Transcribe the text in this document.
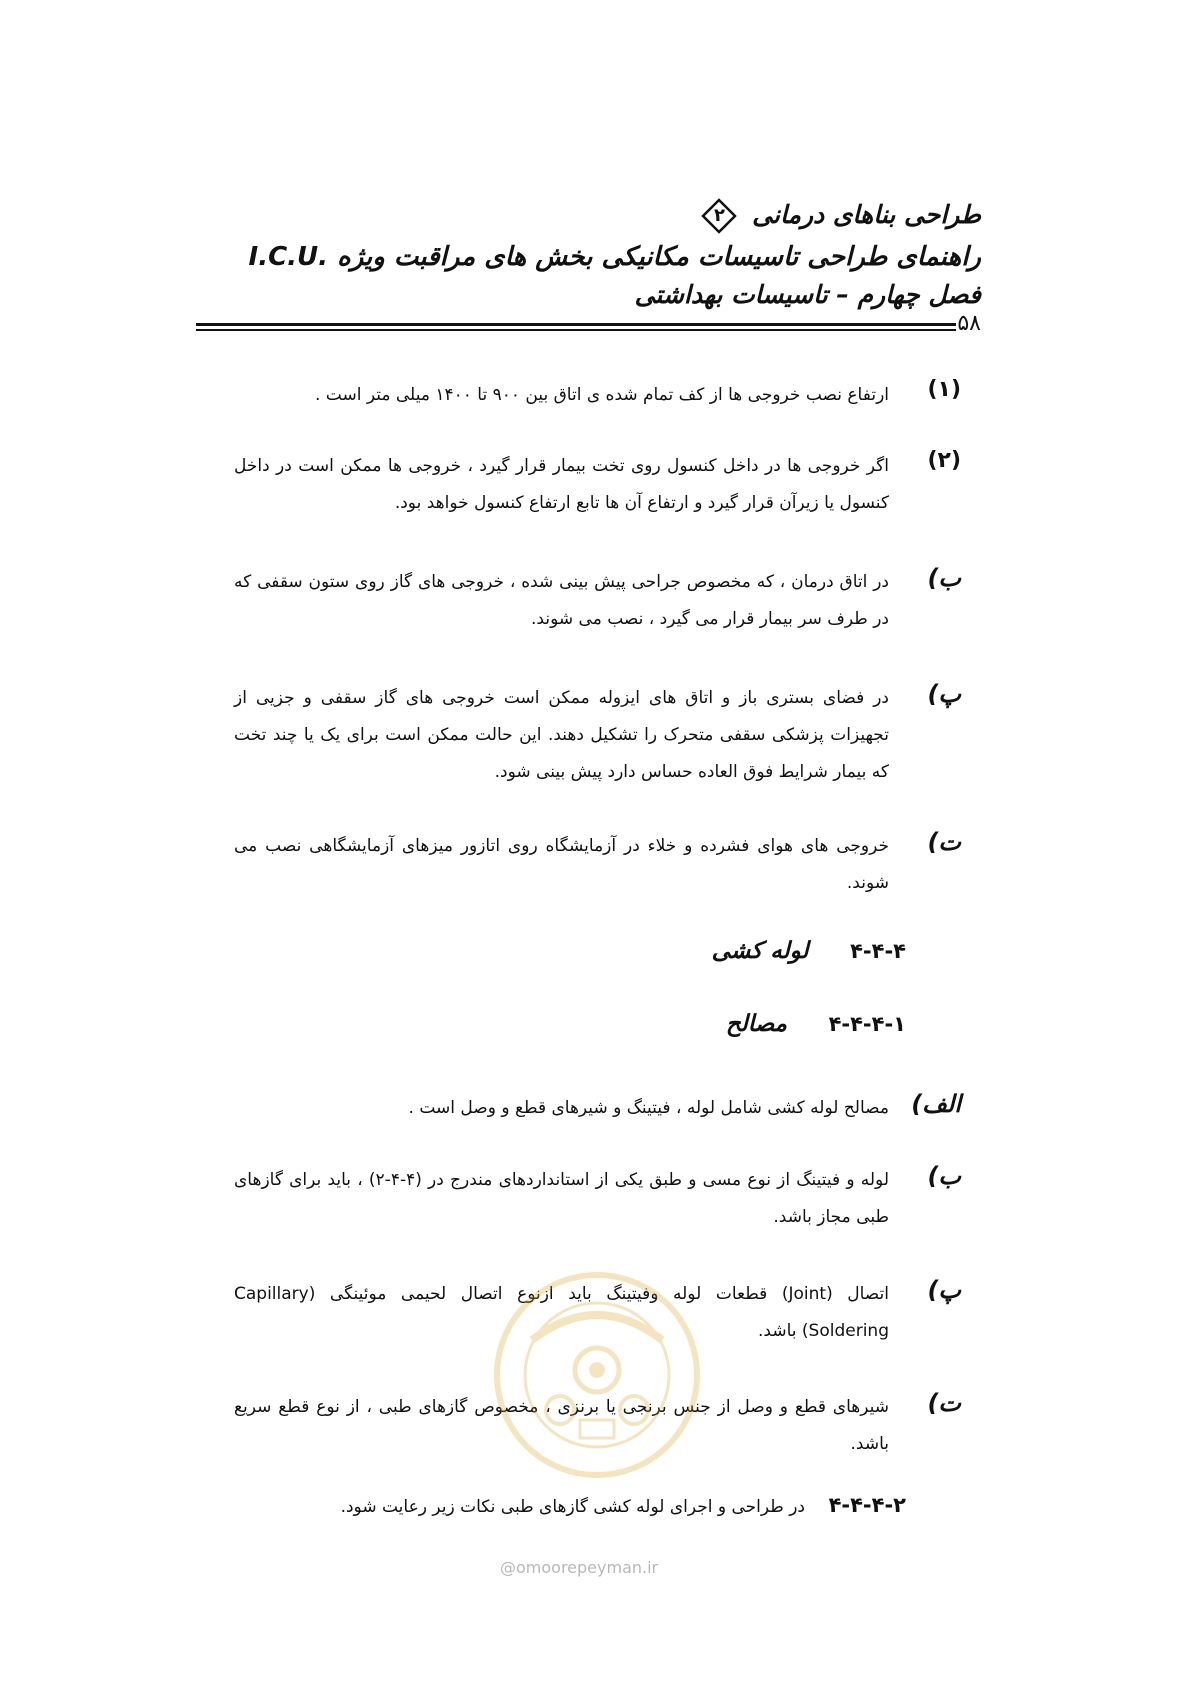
طراحی بناهای درمانی
۲
راهنمای طراحی تاسیسات مکانیکی بخش های مراقبت ویژه .I.C.U
فصل چهارم – تاسیسات بهداشتی
۵۸
(۱)
ارتفاع نصب خروجی ها از کف تمام شده ی اتاق بین ۹۰۰ تا ۱۴۰۰ میلی متر است .
(۲)
اگر خروجی ها در داخل کنسول روی تخت بیمار قرار گیرد ، خروجی ها ممکن است در داخل کنسول یا زیرآن قرار گیرد و ارتفاع آن ها تابع ارتفاع کنسول خواهد بود.
ب)
در اتاق درمان ، که مخصوص جراحی پیش بینی شده ، خروجی های گاز روی ستون سقفی که در طرف سر بیمار قرار می گیرد ، نصب می شوند.
پ)
در فضای بستری باز و اتاق های ایزوله ممکن است خروجی های گاز سقفی و جزیی از تجهیزات پزشکی سقفی متحرک را تشکیل دهند. این حالت ممکن است برای یک یا چند تخت که بیمار شرایط فوق العاده حساس دارد پیش بینی شود.
ت)
خروجی های هوای فشرده و خلاء در آزمایشگاه روی اتازور میزهای آزمایشگاهی نصب می شوند.
۴-۴-۴ لوله کشی
۴-۴-۴-۱ مصالح
الف)
مصالح لوله کشی شامل لوله ، فیتینگ و شیرهای قطع و وصل است .
ب)
لوله و فیتینگ از نوع مسی و طبق یکی از استانداردهای مندرج در (۴-۴-۲) ، باید برای گازهای طبی مجاز باشد.
پ)
اتصال (Joint) قطعات لوله وفیتینگ باید ازنوع اتصال لحیمی موئینگی (Capillary Soldering) باشد.
ت)
شیرهای قطع و وصل از جنس برنجی یا برنزی ، مخصوص گازهای طبی ، از نوع قطع سریع باشد.
۴-۴-۴-۲ در طراحی و اجرای لوله کشی گازهای طبی نکات زیر رعایت شود.
@omoorepeyman.ir
